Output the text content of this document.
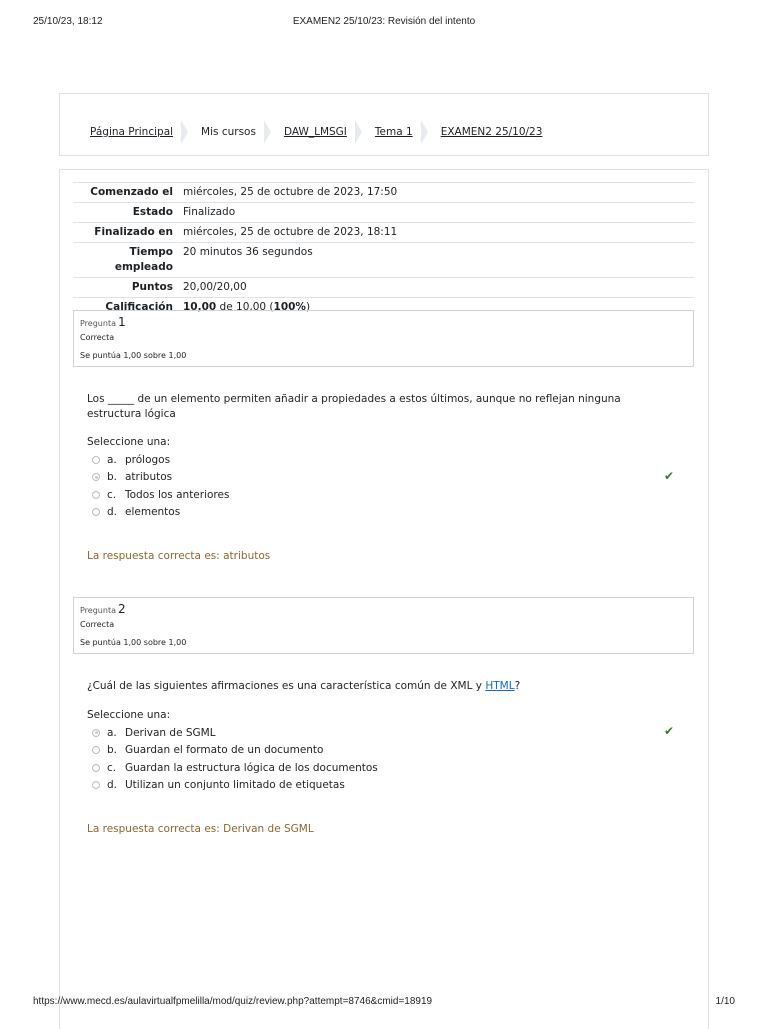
25/10/23, 18:12	EXAMEN2 25/10/23: Revisión del intento
Página Principal	Mis cursos	DAW_LMSGI	Tema 1	EXAMEN2 25/10/23
Comenzado el	miércoles, 25 de octubre de 2023, 17:50
Estado	Finalizado
Finalizado en	miércoles, 25 de octubre de 2023, 18:11
Tiempo empleado	20 minutos 36 segundos
Puntos	20,00/20,00
Calificación	10,00 de 10,00 (100%)
Pregunta 1
Correcta
Se puntúa 1,00 sobre 1,00
Los _____ de un elemento permiten añadir a propiedades a estos últimos, aunque no reflejan ninguna estructura lógica
Seleccione una:
a. prólogos
b. atributos	✔
c. Todos los anteriores
d. elementos
La respuesta correcta es: atributos
Pregunta 2
Correcta
Se puntúa 1,00 sobre 1,00
¿Cuál de las siguientes afirmaciones es una característica común de XML y HTML?
Seleccione una:
a. Derivan de SGML	✔
b. Guardan el formato de un documento
c. Guardan la estructura lógica de los documentos
d. Utilizan un conjunto limitado de etiquetas
La respuesta correcta es: Derivan de SGML
https://www.mecd.es/aulavirtualfpmelilla/mod/quiz/review.php?attempt=8746&cmid=18919	1/10
